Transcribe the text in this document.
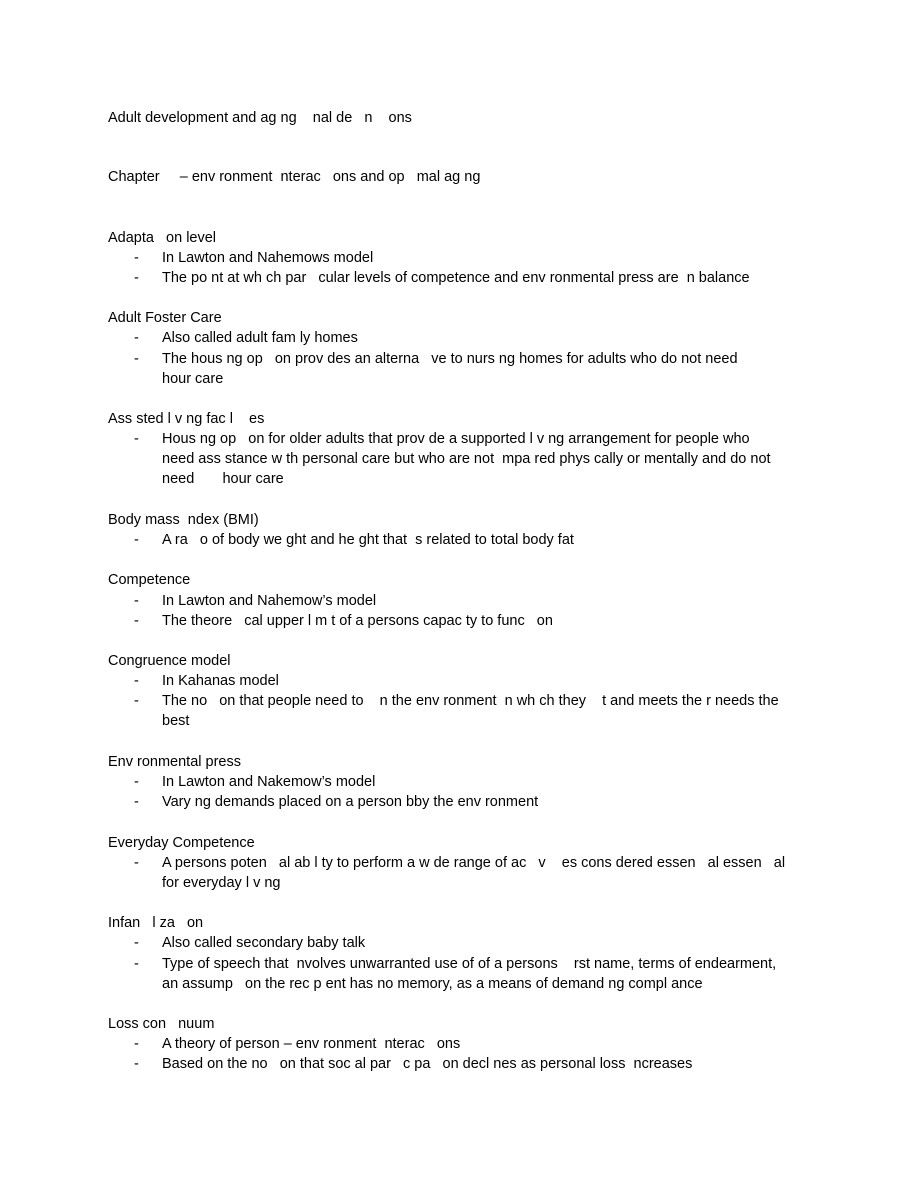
Adult development and ag ng    nal de   n    ons
Chapter     – env ronment  nterac   ons and op   mal ag ng
Adapta   on level
-	In Lawton and Nahemows model
-	The po nt at wh ch par   cular levels of competence and env ronmental press are  n balance
Adult Foster Care
-	Also called adult fam ly homes
-	The hous ng op   on prov des an alterna   ve to nurs ng homes for adults who do not need
hour care
Ass sted l v ng fac l    es
-	Hous ng op   on for older adults that prov de a supported l v ng arrangement for people who
need ass stance w th personal care but who are not  mpa red phys cally or mentally and do not
need       hour care
Body mass  ndex (BMI)
-	A ra   o of body we ght and he ght that  s related to total body fat
Competence
-	In Lawton and Nahemow’s model
-	The theore   cal upper l m t of a persons capac ty to func   on
Congruence model
-	In Kahanas model
-	The no   on that people need to    n the env ronment  n wh ch they    t and meets the r needs the
best
Env ronmental press
-	In Lawton and Nakemow’s model
-	Vary ng demands placed on a person bby the env ronment
Everyday Competence
-	A persons poten   al ab l ty to perform a w de range of ac   v    es cons dered essen   al essen   al
for everyday l v ng
Infan   l za   on
-	Also called secondary baby talk
-	Type of speech that  nvolves unwarranted use of of a persons    rst name, terms of endearment,
an assump   on the rec p ent has no memory, as a means of demand ng compl ance
Loss con   nuum
-	A theory of person – env ronment  nterac   ons
-	Based on the no   on that soc al par   c pa   on decl nes as personal loss  ncreases
